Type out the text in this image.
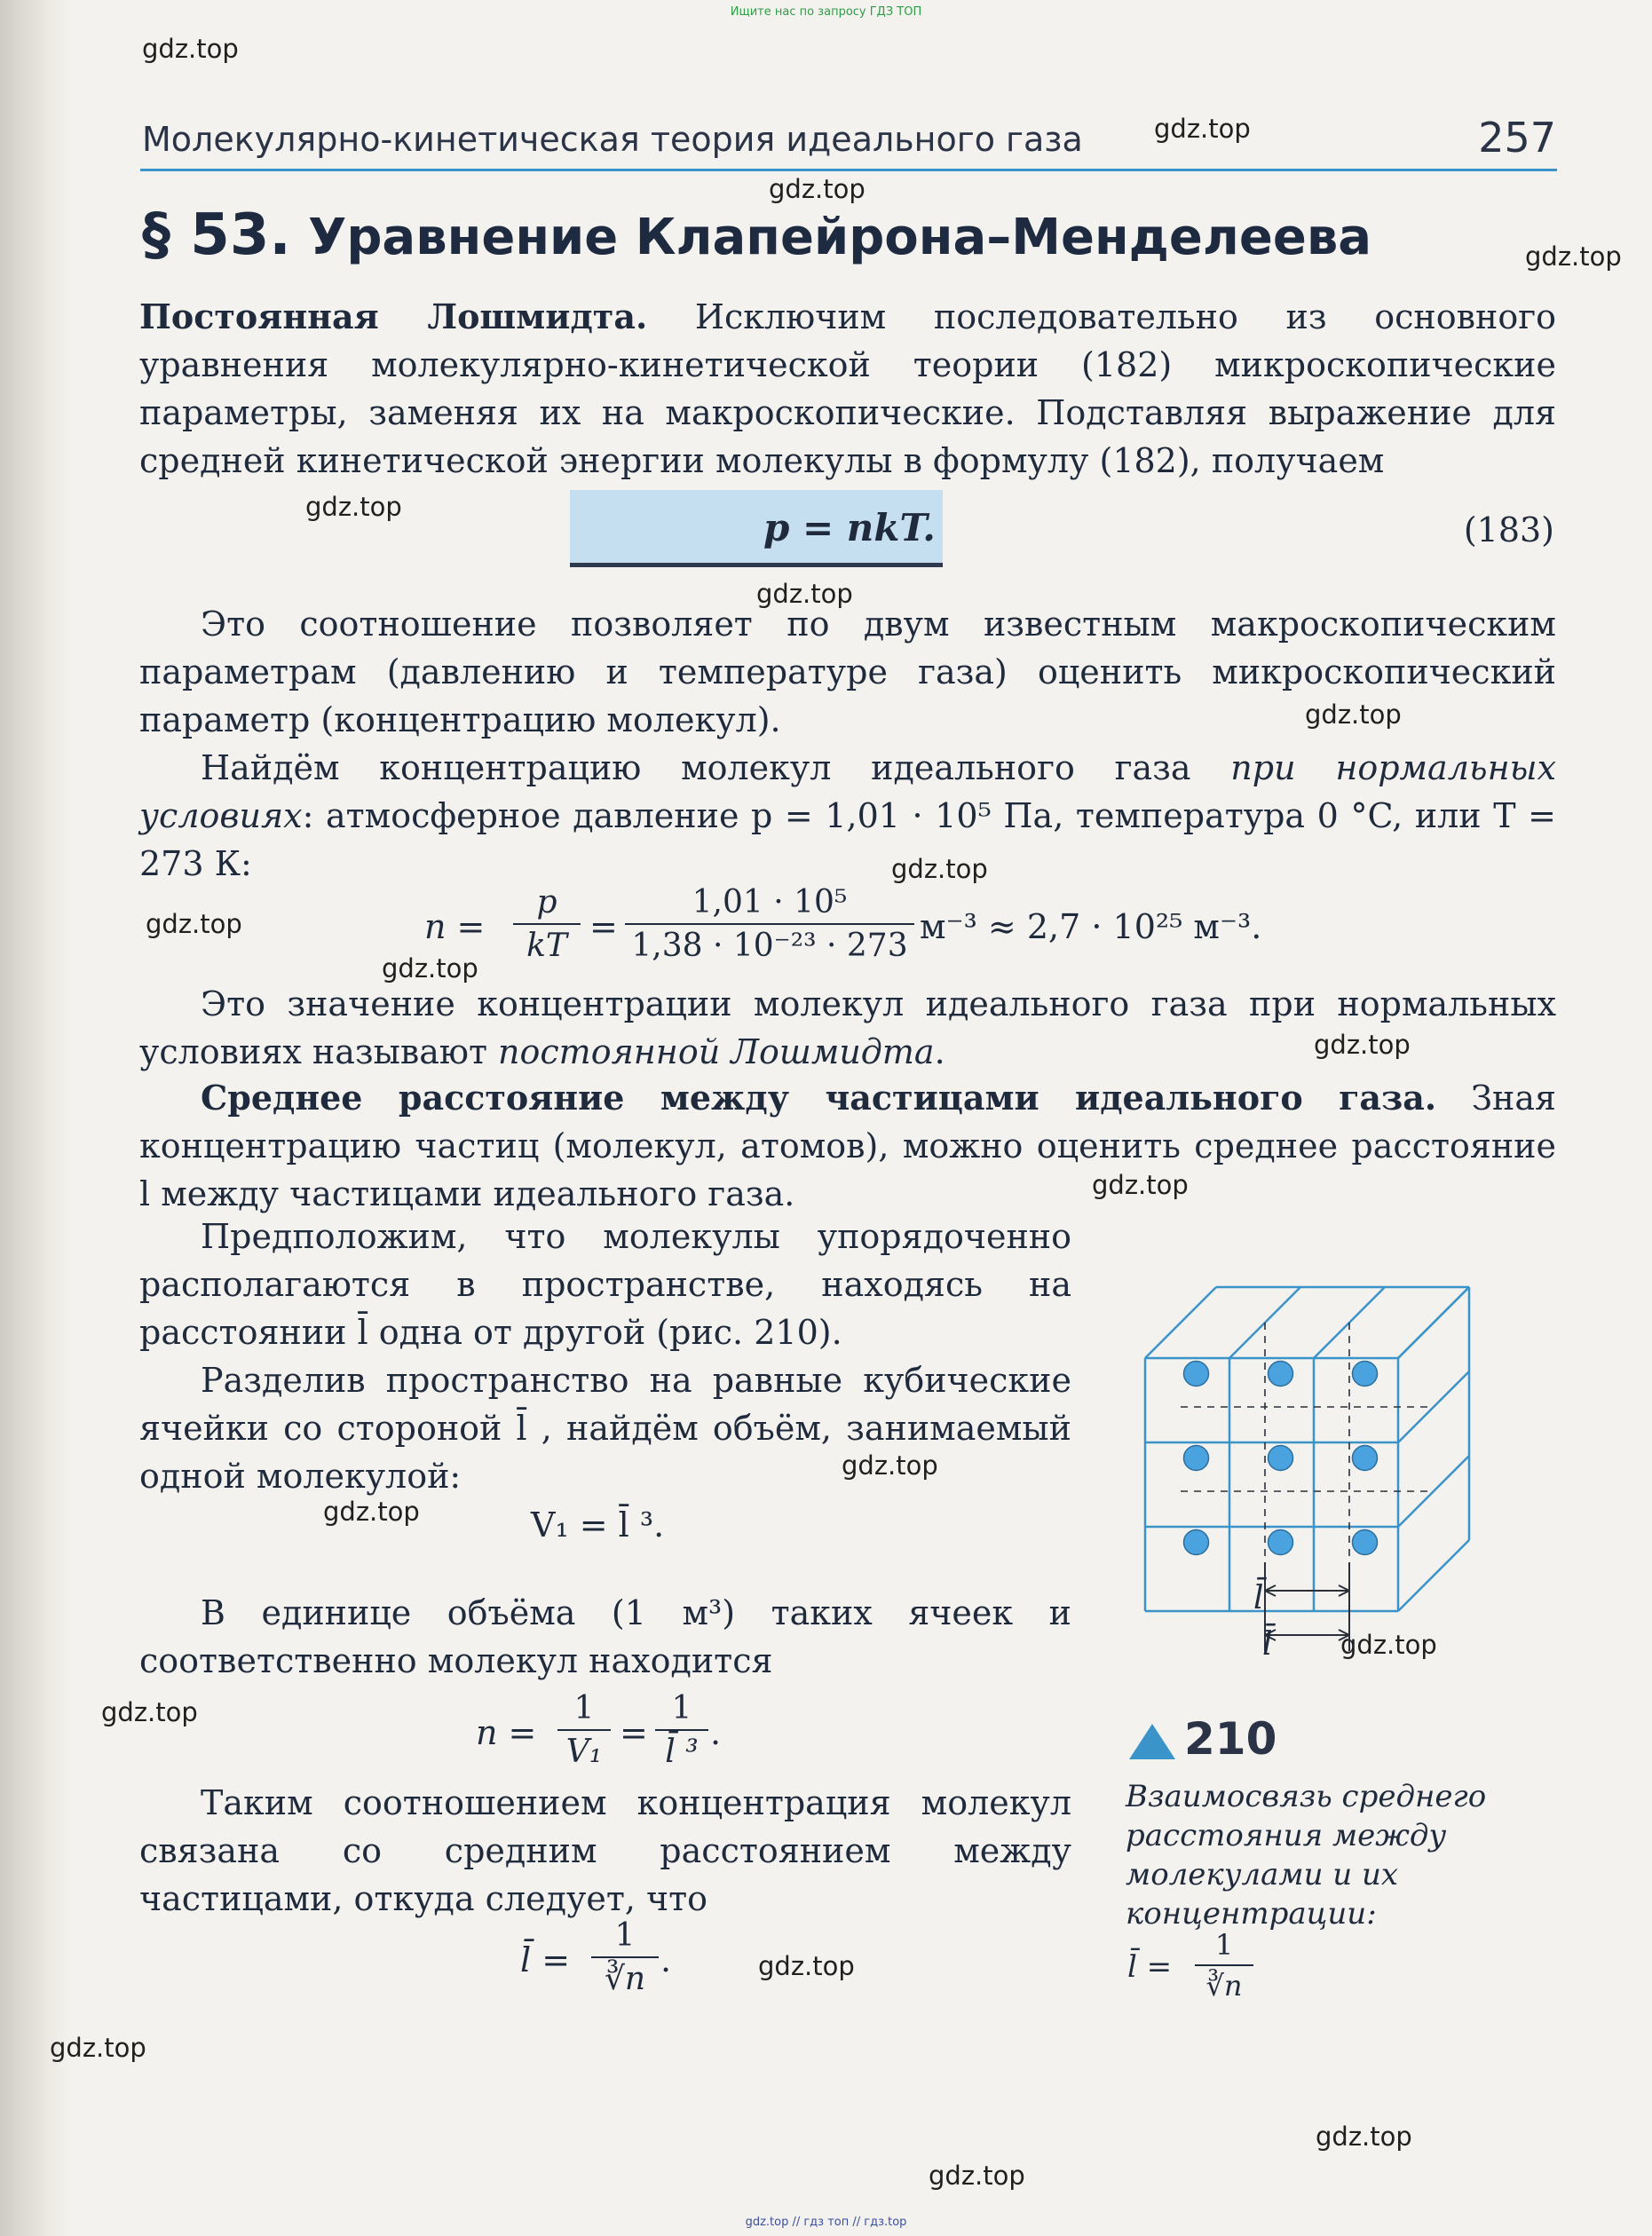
Ищите нас по запросу ГДЗ ТОП
gdz.top
gdz.top
gdz.top
gdz.top
gdz.top
gdz.top
gdz.top
gdz.top
gdz.top
gdz.top
gdz.top
gdz.top
gdz.top
gdz.top
gdz.top
gdz.top
gdz.top
gdz.top
gdz.top
gdz.top
Молекулярно-кинетическая теория идеального газа	257
§ 53. Уравнение Клапейрона–Менделеева
Постоянная Лошмидта. Исключим последовательно из основного уравнения молекулярно-кинетической теории (182) микроскопические параметры, заменяя их на макроскопические. Подставляя выражение для средней кинетической энергии молекулы в формулу (182), получаем
p = nkT.	(183)
Это соотношение позволяет по двум известным макроскопическим параметрам (давлению и температуре газа) оценить микроскопический параметр (концентрацию молекул).
Найдём концентрацию молекул идеального газа при нормальных условиях: атмосферное давление p = 1,01 · 10⁵ Па, температура 0 °C, или T = 273 К:
n =
p
kT =
1,01 · 10⁵
1,38 · 10⁻²³ · 273 м⁻³ ≈ 2,7 · 10²⁵ м⁻³.
Это значение концентрации молекул идеального газа при нормальных условиях называют постоянной Лошмидта.
Среднее расстояние между частицами идеального газа. Зная концентрацию частиц (молекул, атомов), можно оценить среднее расстояние l между частицами идеального газа.
Предположим, что молекулы упорядоченно располагаются в пространстве, находясь на расстоянии l̄ одна от другой (рис. 210).
Разделив пространство на равные кубические ячейки со стороной l̄ , найдём объём, занимаемый одной молекулой:
V₁ = l̄ ³.
В единице объёма (1 м³) таких ячеек и соответственно молекул находится
n =
1
V₁ =
1
l̄ ³ .
Таким соотношением концентрация молекул связана со средним расстоянием между частицами, откуда следует, что
l̄ =
1
∛n .
l̄
l̄
210
Взаимосвязь среднего расстояния между молекулами и их концентрации:
l̄ =
1
∛n
gdz.top // гдз топ // гдз.top
